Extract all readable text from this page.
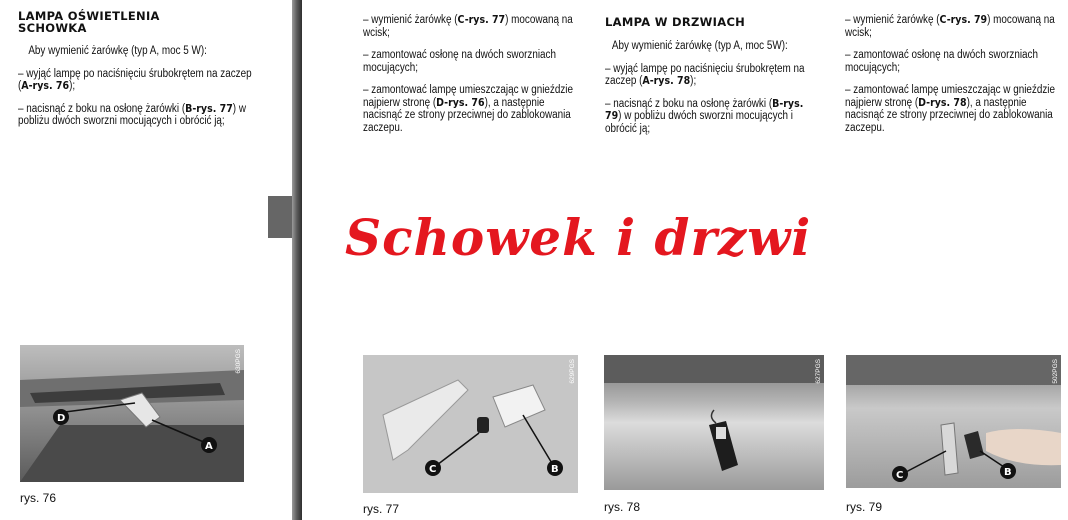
LAMPA OŚWIETLENIA
SCHOWKA

Aby wymienić żarówkę (typ A, moc 5 W):

– wyjąć lampę po naciśnięciu śrubokrętem na zaczep (A-rys. 76);

– nacisnąć z boku na osłonę żarówki (B-rys. 77) w pobliżu dwóch sworzni mocujących i obrócić ją;

D
A
630PGS
rys. 76

– wymienić żarówkę (C-rys. 77) mocowaną na wcisk;

– zamontować osłonę na dwóch sworzniach mocujących;

– zamontować lampę umieszczając w gnieździe najpierw stronę (D-rys. 76), a następnie nacisnąć ze strony przeciwnej do zablokowania zaczepu.

LAMPA W DRZWIACH

Aby wymienić żarówkę (typ A, moc 5W):

– wyjąć lampę po naciśnięciu śrubokrętem na zaczep (A-rys. 78);

– nacisnąć z boku na osłonę żarówki (B-rys. 79) w pobliżu dwóch sworzni mocujących i obrócić ją;

– wymienić żarówkę (C-rys. 79) mocowaną na wcisk;

– zamontować osłonę na dwóch sworzniach mocujących;

– zamontować lampę umieszczając w gnieździe najpierw stronę (D-rys. 78), a następnie nacisnąć ze strony przeciwnej do zablokowania zaczepu.

Schowek i drzwi
C	B
629PGS
rys. 77
627PGS
rys. 78
C	B
502PGS
rys. 79
